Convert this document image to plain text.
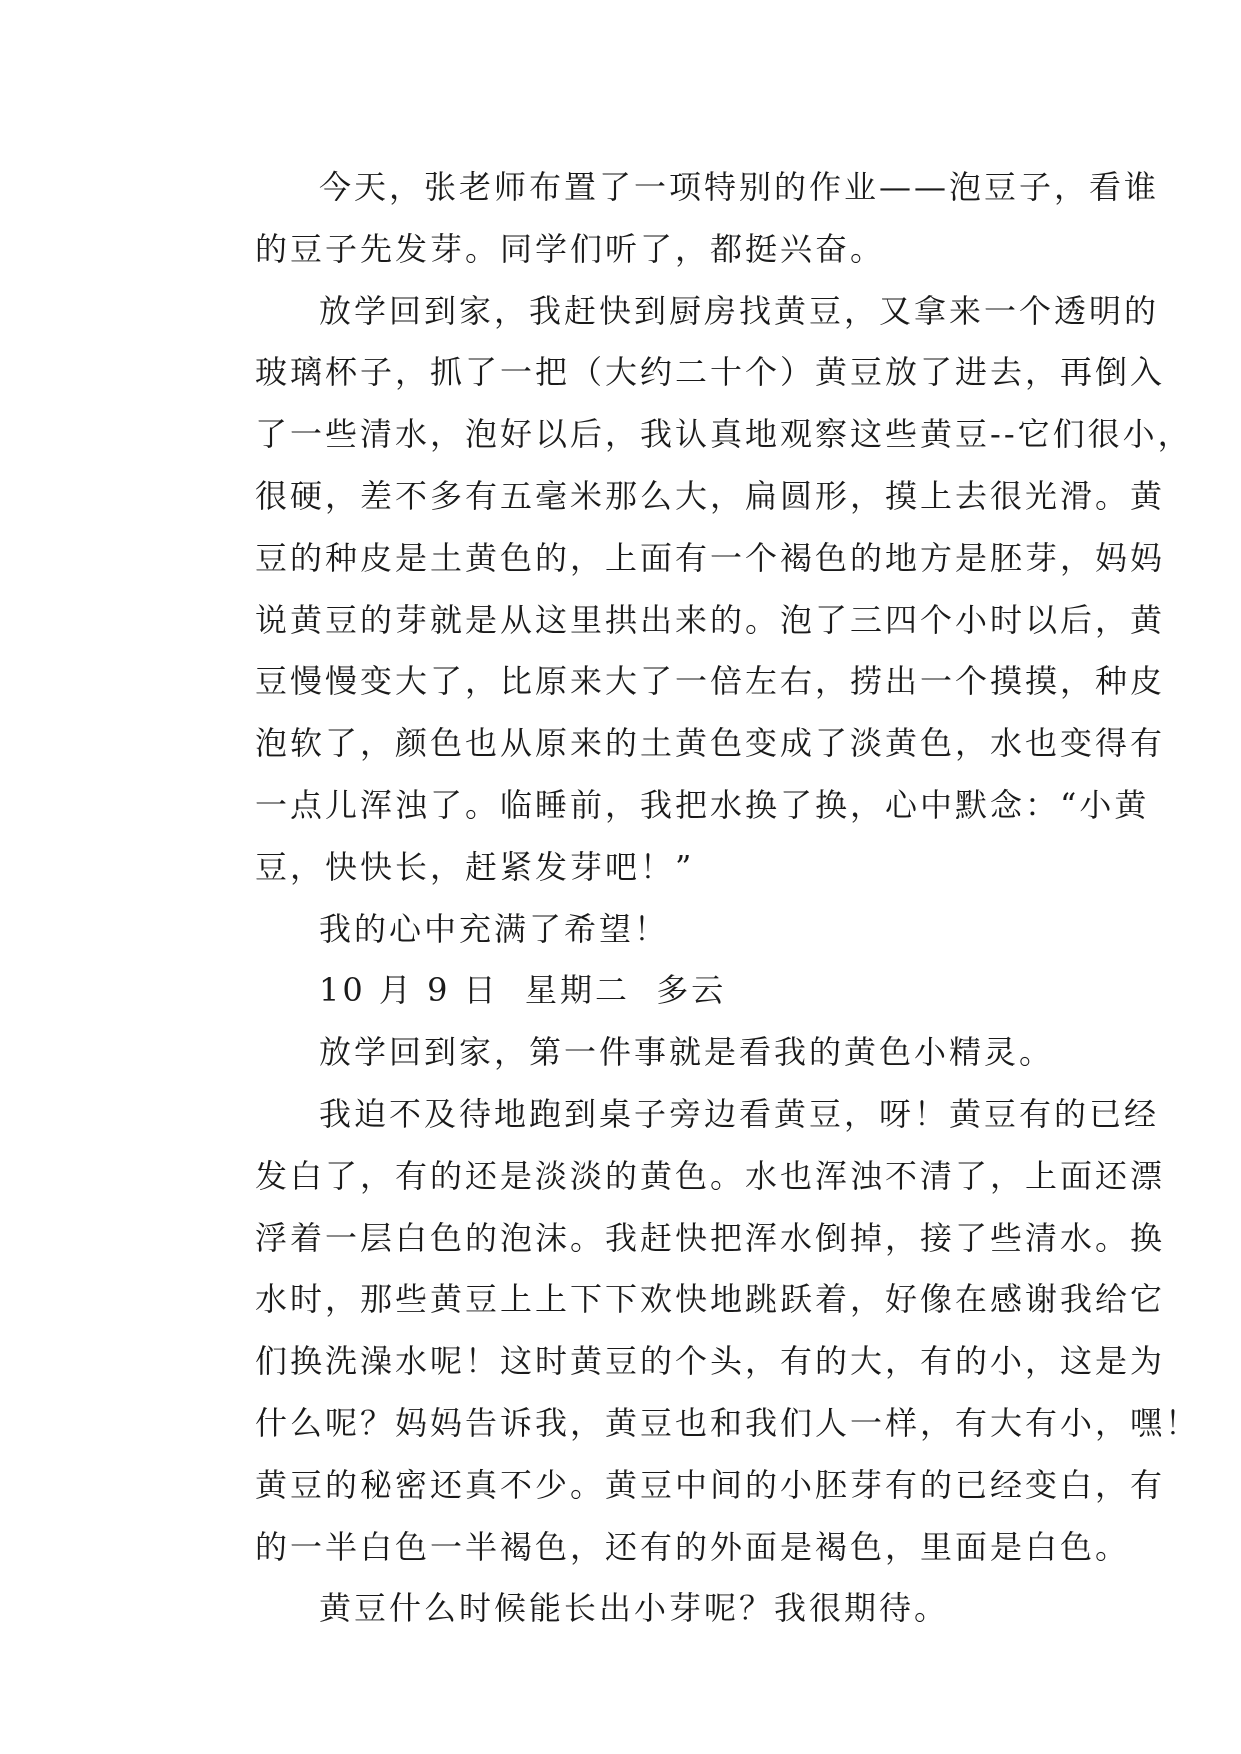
今天，张老师布置了一项特别的作业——泡豆子，看谁
的豆子先发芽。同学们听了，都挺兴奋。
放学回到家，我赶快到厨房找黄豆，又拿来一个透明的
玻璃杯子，抓了一把（大约二十个）黄豆放了进去，再倒入
了一些清水，泡好以后，我认真地观察这些黄豆--它们很小，
很硬，差不多有五毫米那么大，扁圆形，摸上去很光滑。黄
豆的种皮是土黄色的，上面有一个褐色的地方是胚芽，妈妈
说黄豆的芽就是从这里拱出来的。泡了三四个小时以后，黄
豆慢慢变大了，比原来大了一倍左右，捞出一个摸摸，种皮
泡软了，颜色也从原来的土黄色变成了淡黄色，水也变得有
一点儿浑浊了。临睡前，我把水换了换，心中默念：“小黄
豆，快快长，赶紧发芽吧！”
我的心中充满了希望！
10 月 9 日  星期二  多云
放学回到家，第一件事就是看我的黄色小精灵。
我迫不及待地跑到桌子旁边看黄豆，呀！黄豆有的已经
发白了，有的还是淡淡的黄色。水也浑浊不清了，上面还漂
浮着一层白色的泡沫。我赶快把浑水倒掉，接了些清水。换
水时，那些黄豆上上下下欢快地跳跃着，好像在感谢我给它
们换洗澡水呢！这时黄豆的个头，有的大，有的小，这是为
什么呢？妈妈告诉我，黄豆也和我们人一样，有大有小，嘿！
黄豆的秘密还真不少。黄豆中间的小胚芽有的已经变白，有
的一半白色一半褐色，还有的外面是褐色，里面是白色。
黄豆什么时候能长出小芽呢？我很期待。
